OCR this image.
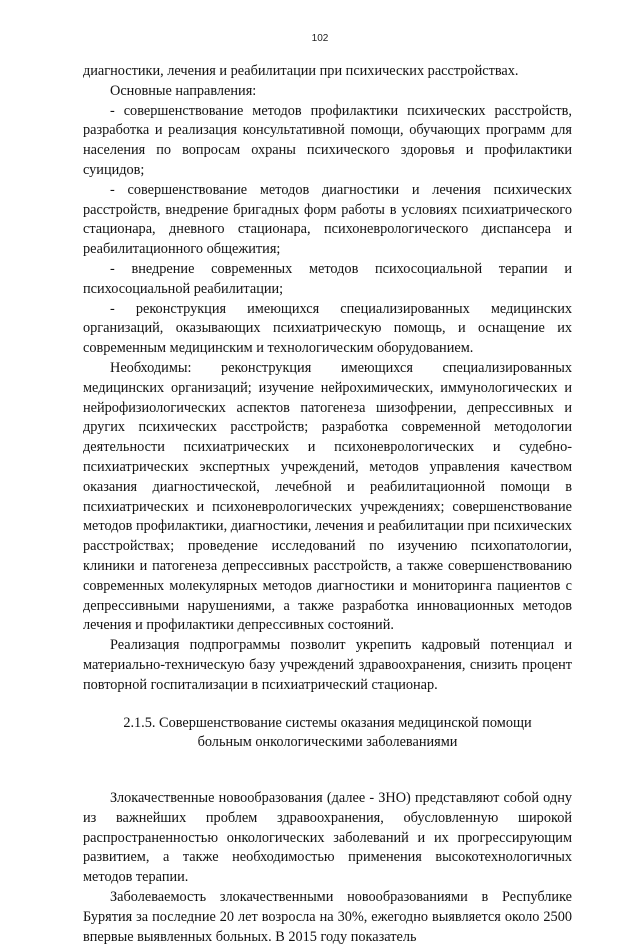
102

диагностики, лечения и реабилитации при психических расстройствах.

Основные направления:

- совершенствование методов профилактики психических расстройств, разработка и реализация консультативной помощи, обучающих программ для населения по вопросам охраны психического здоровья и профилактики суицидов;

- совершенствование методов диагностики и лечения психических расстройств, внедрение бригадных форм работы в условиях психиатрического стационара, дневного стационара, психоневрологического диспансера и реабилитационного общежития;

- внедрение современных методов психосоциальной терапии и психосоциальной реабилитации;

- реконструкция имеющихся специализированных медицинских организаций, оказывающих психиатрическую помощь, и оснащение их современным медицинским и технологическим оборудованием.

Необходимы: реконструкция имеющихся специализированных медицинских организаций; изучение нейрохимических, иммунологических и нейрофизиологических аспектов патогенеза шизофрении, депрессивных и других психических расстройств; разработка современной методологии деятельности психиатрических и психоневрологических и судебно-психиатрических экспертных учреждений, методов управления качеством оказания диагностической, лечебной и реабилитационной помощи в психиатрических и психоневрологических учреждениях; совершенствование методов профилактики, диагностики, лечения и реабилитации при психических расстройствах; проведение исследований по изучению психопатологии, клиники и патогенеза депрессивных расстройств, а также совершенствованию современных молекулярных методов диагностики и мониторинга пациентов с депрессивными нарушениями, а также разработка инновационных методов лечения и профилактики депрессивных состояний.

Реализация подпрограммы позволит укрепить кадровый потенциал и материально-техническую базу учреждений здравоохранения, снизить процент повторной госпитализации в психиатрический стационар.

2.1.5. Совершенствование системы оказания медицинской помощи
больным онкологическими заболеваниями

Злокачественные новообразования (далее - ЗНО) представляют собой одну из важнейших проблем здравоохранения, обусловленную широкой распространенностью онкологических заболеваний и их прогрессирующим развитием, а также необходимостью применения высокотехнологичных методов терапии.

Заболеваемость злокачественными новообразованиями в Республике Бурятия за последние 20 лет возросла на 30%, ежегодно выявляется около 2500 впервые выявленных больных. В 2015 году показатель
